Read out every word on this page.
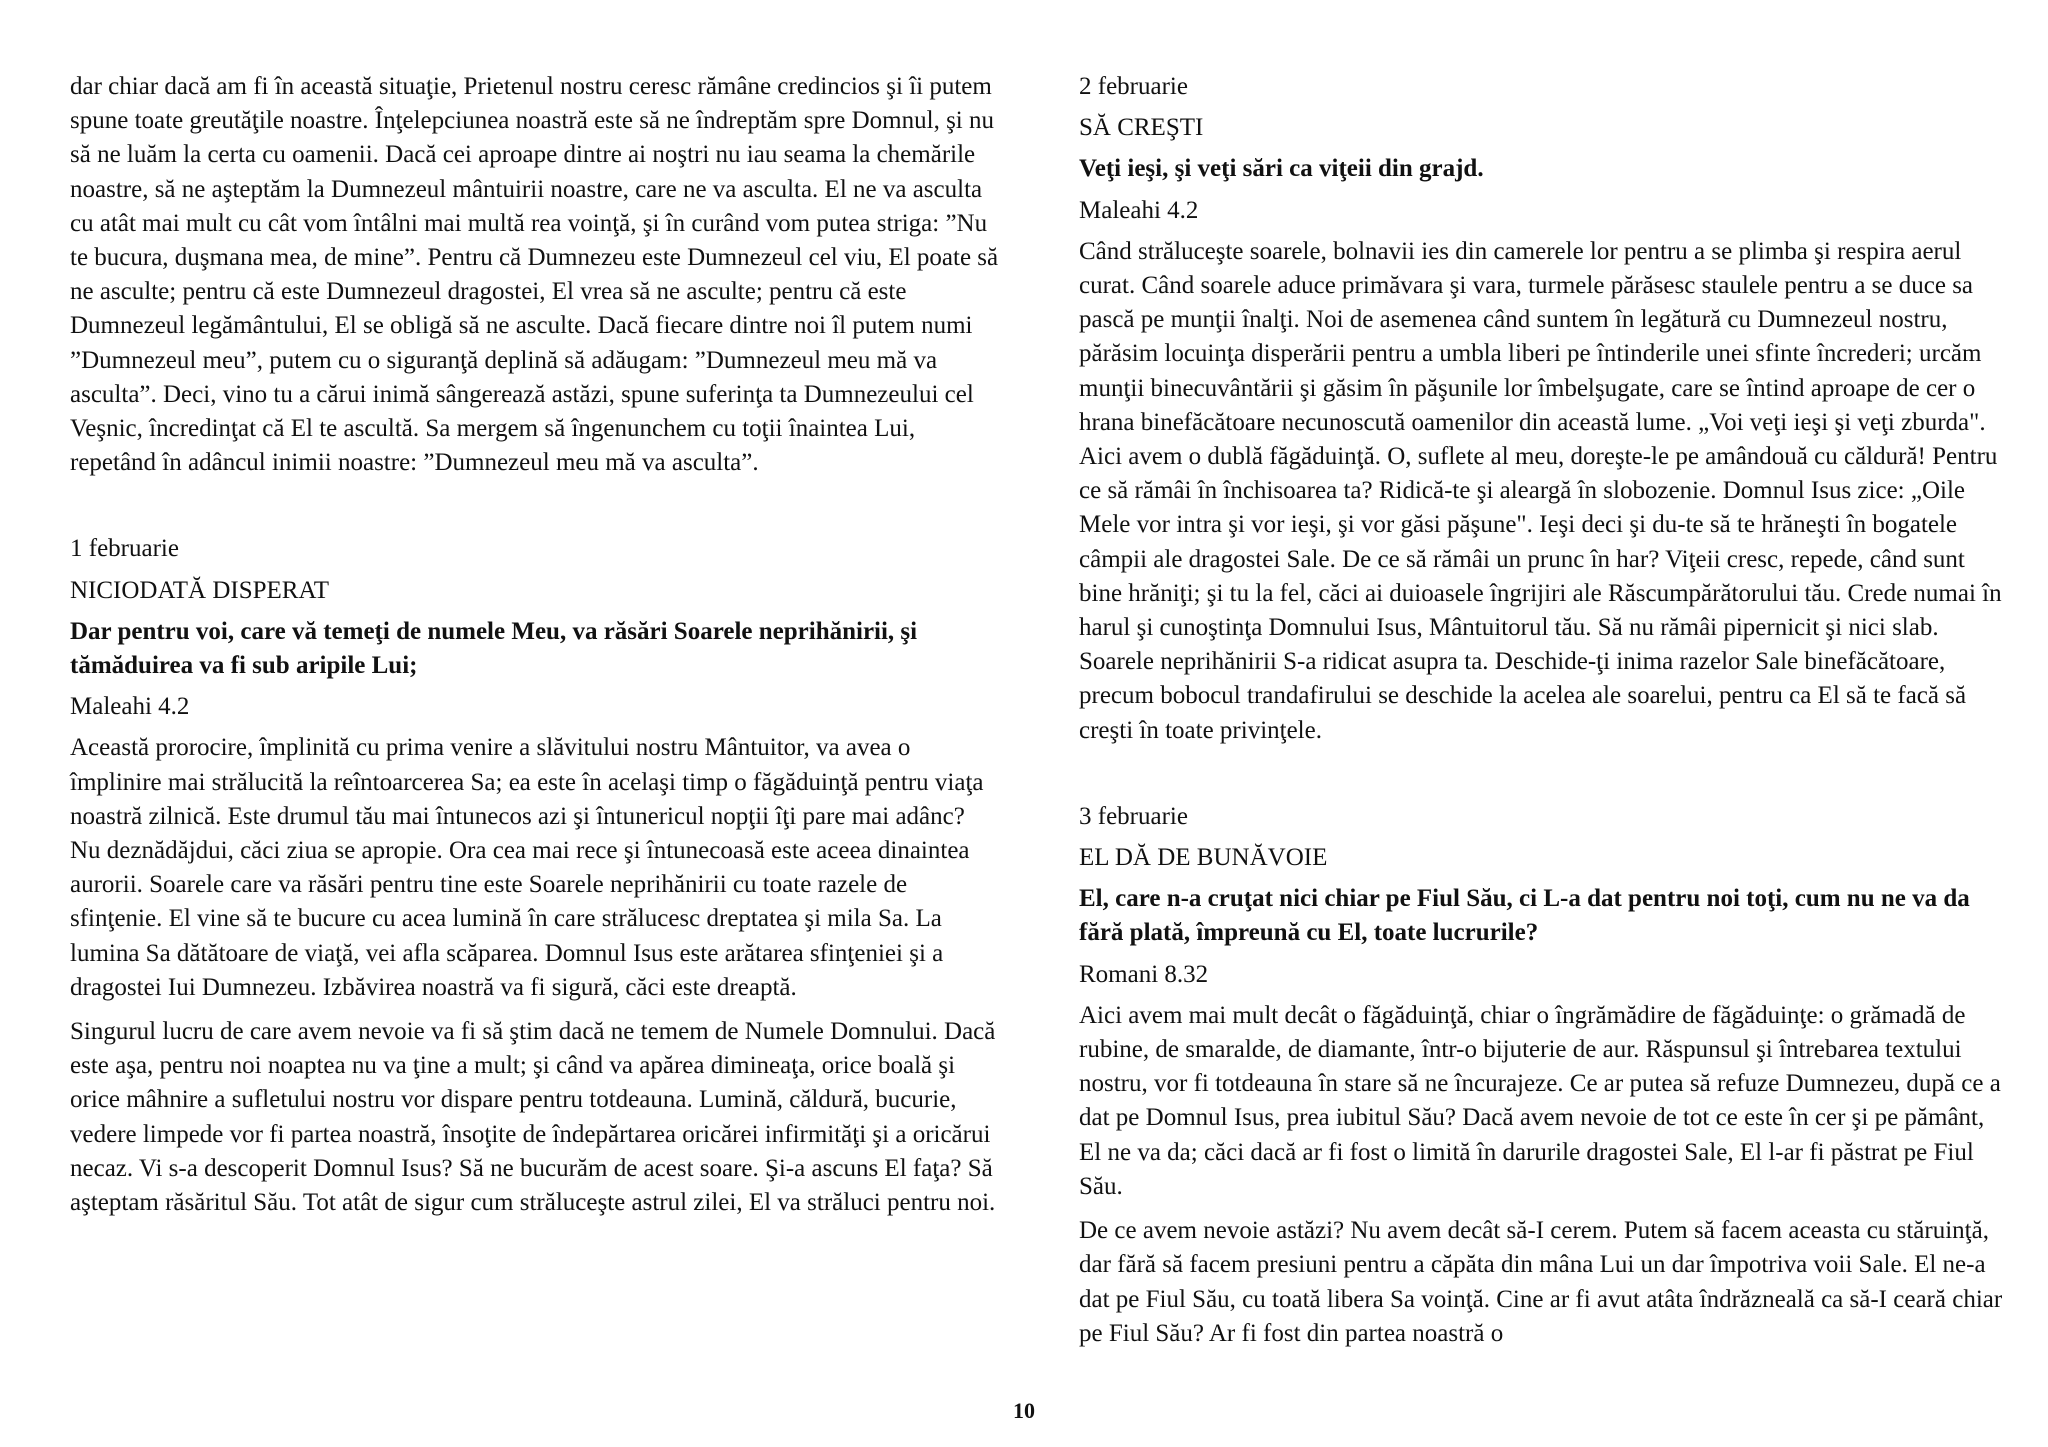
dar chiar dacă am fi în această situaţie, Prietenul nostru ceresc rămâne credincios şi îi putem spune toate greutăţile noastre. Înţelepciunea noastră este să ne îndreptăm spre Domnul, şi nu să ne luăm la certa cu oamenii. Dacă cei aproape dintre ai noştri nu iau seama la chemările noastre, să ne aşteptăm la Dumnezeul mântuirii noastre, care ne va asculta. El ne va asculta cu atât mai mult cu cât vom întâlni mai multă rea voinţă, şi în curând vom putea striga: ”Nu te bucura, duşmana mea, de mine”. Pentru că Dumnezeu este Dumnezeul cel viu, El poate să ne asculte; pentru că este Dumnezeul dragostei, El vrea să ne asculte; pentru că este Dumnezeul legământului, El se obligă să ne asculte. Dacă fiecare dintre noi îl putem numi ”Dumnezeul meu”, putem cu o siguranţă deplină să adăugam: ”Dumnezeul meu mă va asculta”. Deci, vino tu a cărui inimă sângerează astăzi, spune suferinţa ta Dumnezeului cel Veşnic, încredinţat că El te ascultă. Sa mergem să îngenunchem cu toţii înaintea Lui, repetând în adâncul inimii noastre: ”Dumnezeul meu mă va asculta”.

1 februarie

NICIODATĂ DISPERAT

Dar pentru voi, care vă temeţi de numele Meu, va răsări Soarele neprihănirii, şi tămăduirea va fi sub aripile Lui;

Maleahi 4.2

Această prorocire, împlinită cu prima venire a slăvitului nostru Mântuitor, va avea o împlinire mai strălucită la reîntoarcerea Sa; ea este în acelaşi timp o făgăduinţă pentru viaţa noastră zilnică. Este drumul tău mai întunecos azi şi întunericul nopţii îţi pare mai adânc? Nu deznădăjdui, căci ziua se apropie. Ora cea mai rece şi întunecoasă este aceea dinaintea aurorii. Soarele care va răsări pentru tine este Soarele neprihănirii cu toate razele de sfinţenie. El vine să te bucure cu acea lumină în care strălucesc dreptatea şi mila Sa. La lumina Sa dătătoare de viaţă, vei afla scăparea. Domnul Isus este arătarea sfinţeniei şi a dragostei Iui Dumnezeu. Izbăvirea noastră va fi sigură, căci este dreaptă.

Singurul lucru de care avem nevoie va fi să ştim dacă ne temem de Numele Domnului. Dacă este aşa, pentru noi noaptea nu va ţine a mult; şi când va apărea dimineaţa, orice boală şi orice mâhnire a sufletului nostru vor dispare pentru totdeauna. Lumină, căldură, bucurie, vedere limpede vor fi partea noastră, însoţite de îndepărtarea oricărei infirmităţi şi a oricărui necaz. Vi s-a descoperit Domnul Isus? Să ne bucurăm de acest soare. Şi-a ascuns El faţa? Să aşteptam răsăritul Său. Tot atât de sigur cum străluceşte astrul zilei, El va străluci pentru noi.

2 februarie

SĂ CREŞTI

Veţi ieşi, şi veţi sări ca viţeii din grajd.

Maleahi 4.2

Când străluceşte soarele, bolnavii ies din camerele lor pentru a se plimba şi respira aerul curat. Când soarele aduce primăvara şi vara, turmele părăsesc staulele pentru a se duce sa pască pe munţii înalţi. Noi de asemenea când suntem în legătură cu Dumnezeul nostru, părăsim locuinţa disperării pentru a umbla liberi pe întinderile unei sfinte încrederi; urcăm munţii binecuvântării şi găsim în păşunile lor îmbelşugate, care se întind aproape de cer o hrana binefăcătoare necunoscută oamenilor din această lume. „Voi veţi ieşi şi veţi zburda". Aici avem o dublă făgăduinţă. O, suflete al meu, doreşte-le pe amândouă cu căldură! Pentru ce să rămâi în închisoarea ta? Ridică-te şi aleargă în slobozenie. Domnul Isus zice: „Oile Mele vor intra şi vor ieşi, şi vor găsi păşune". Ieşi deci şi du-te să te hrăneşti în bogatele câmpii ale dragostei Sale. De ce să rămâi un prunc în har? Viţeii cresc, repede, când sunt bine hrăniţi; şi tu la fel, căci ai duioasele îngrijiri ale Răscumpărătorului tău. Crede numai în harul şi cunoştinţa Domnului Isus, Mântuitorul tău. Să nu rămâi pipernicit şi nici slab. Soarele neprihănirii S-a ridicat asupra ta. Deschide-ţi inima razelor Sale binefăcătoare, precum bobocul trandafirului se deschide la acelea ale soarelui, pentru ca El să te facă să creşti în toate privinţele.

3 februarie

EL DĂ DE BUNĂVOIE

El, care n-a cruţat nici chiar pe Fiul Său, ci L-a dat pentru noi toţi, cum nu ne va da fără plată, împreună cu El, toate lucrurile?

Romani 8.32

Aici avem mai mult decât o făgăduinţă, chiar o îngrămădire de făgăduinţe: o grămadă de rubine, de smaralde, de diamante, într-o bijuterie de aur. Răspunsul şi întrebarea textului nostru, vor fi totdeauna în stare să ne încurajeze. Ce ar putea să refuze Dumnezeu, după ce a dat pe Domnul Isus, prea iubitul Său? Dacă avem nevoie de tot ce este în cer şi pe pământ, El ne va da; căci dacă ar fi fost o limită în darurile dragostei Sale, El l-ar fi păstrat pe Fiul Său.

De ce avem nevoie astăzi? Nu avem decât să-I cerem. Putem să facem aceasta cu stăruinţă, dar fără să facem presiuni pentru a căpăta din mâna Lui un dar împotriva voii Sale. El ne-a dat pe Fiul Său, cu toată libera Sa voinţă. Cine ar fi avut atâta îndrăzneală ca să-I ceară chiar pe Fiul Său? Ar fi fost din partea noastră o

10
